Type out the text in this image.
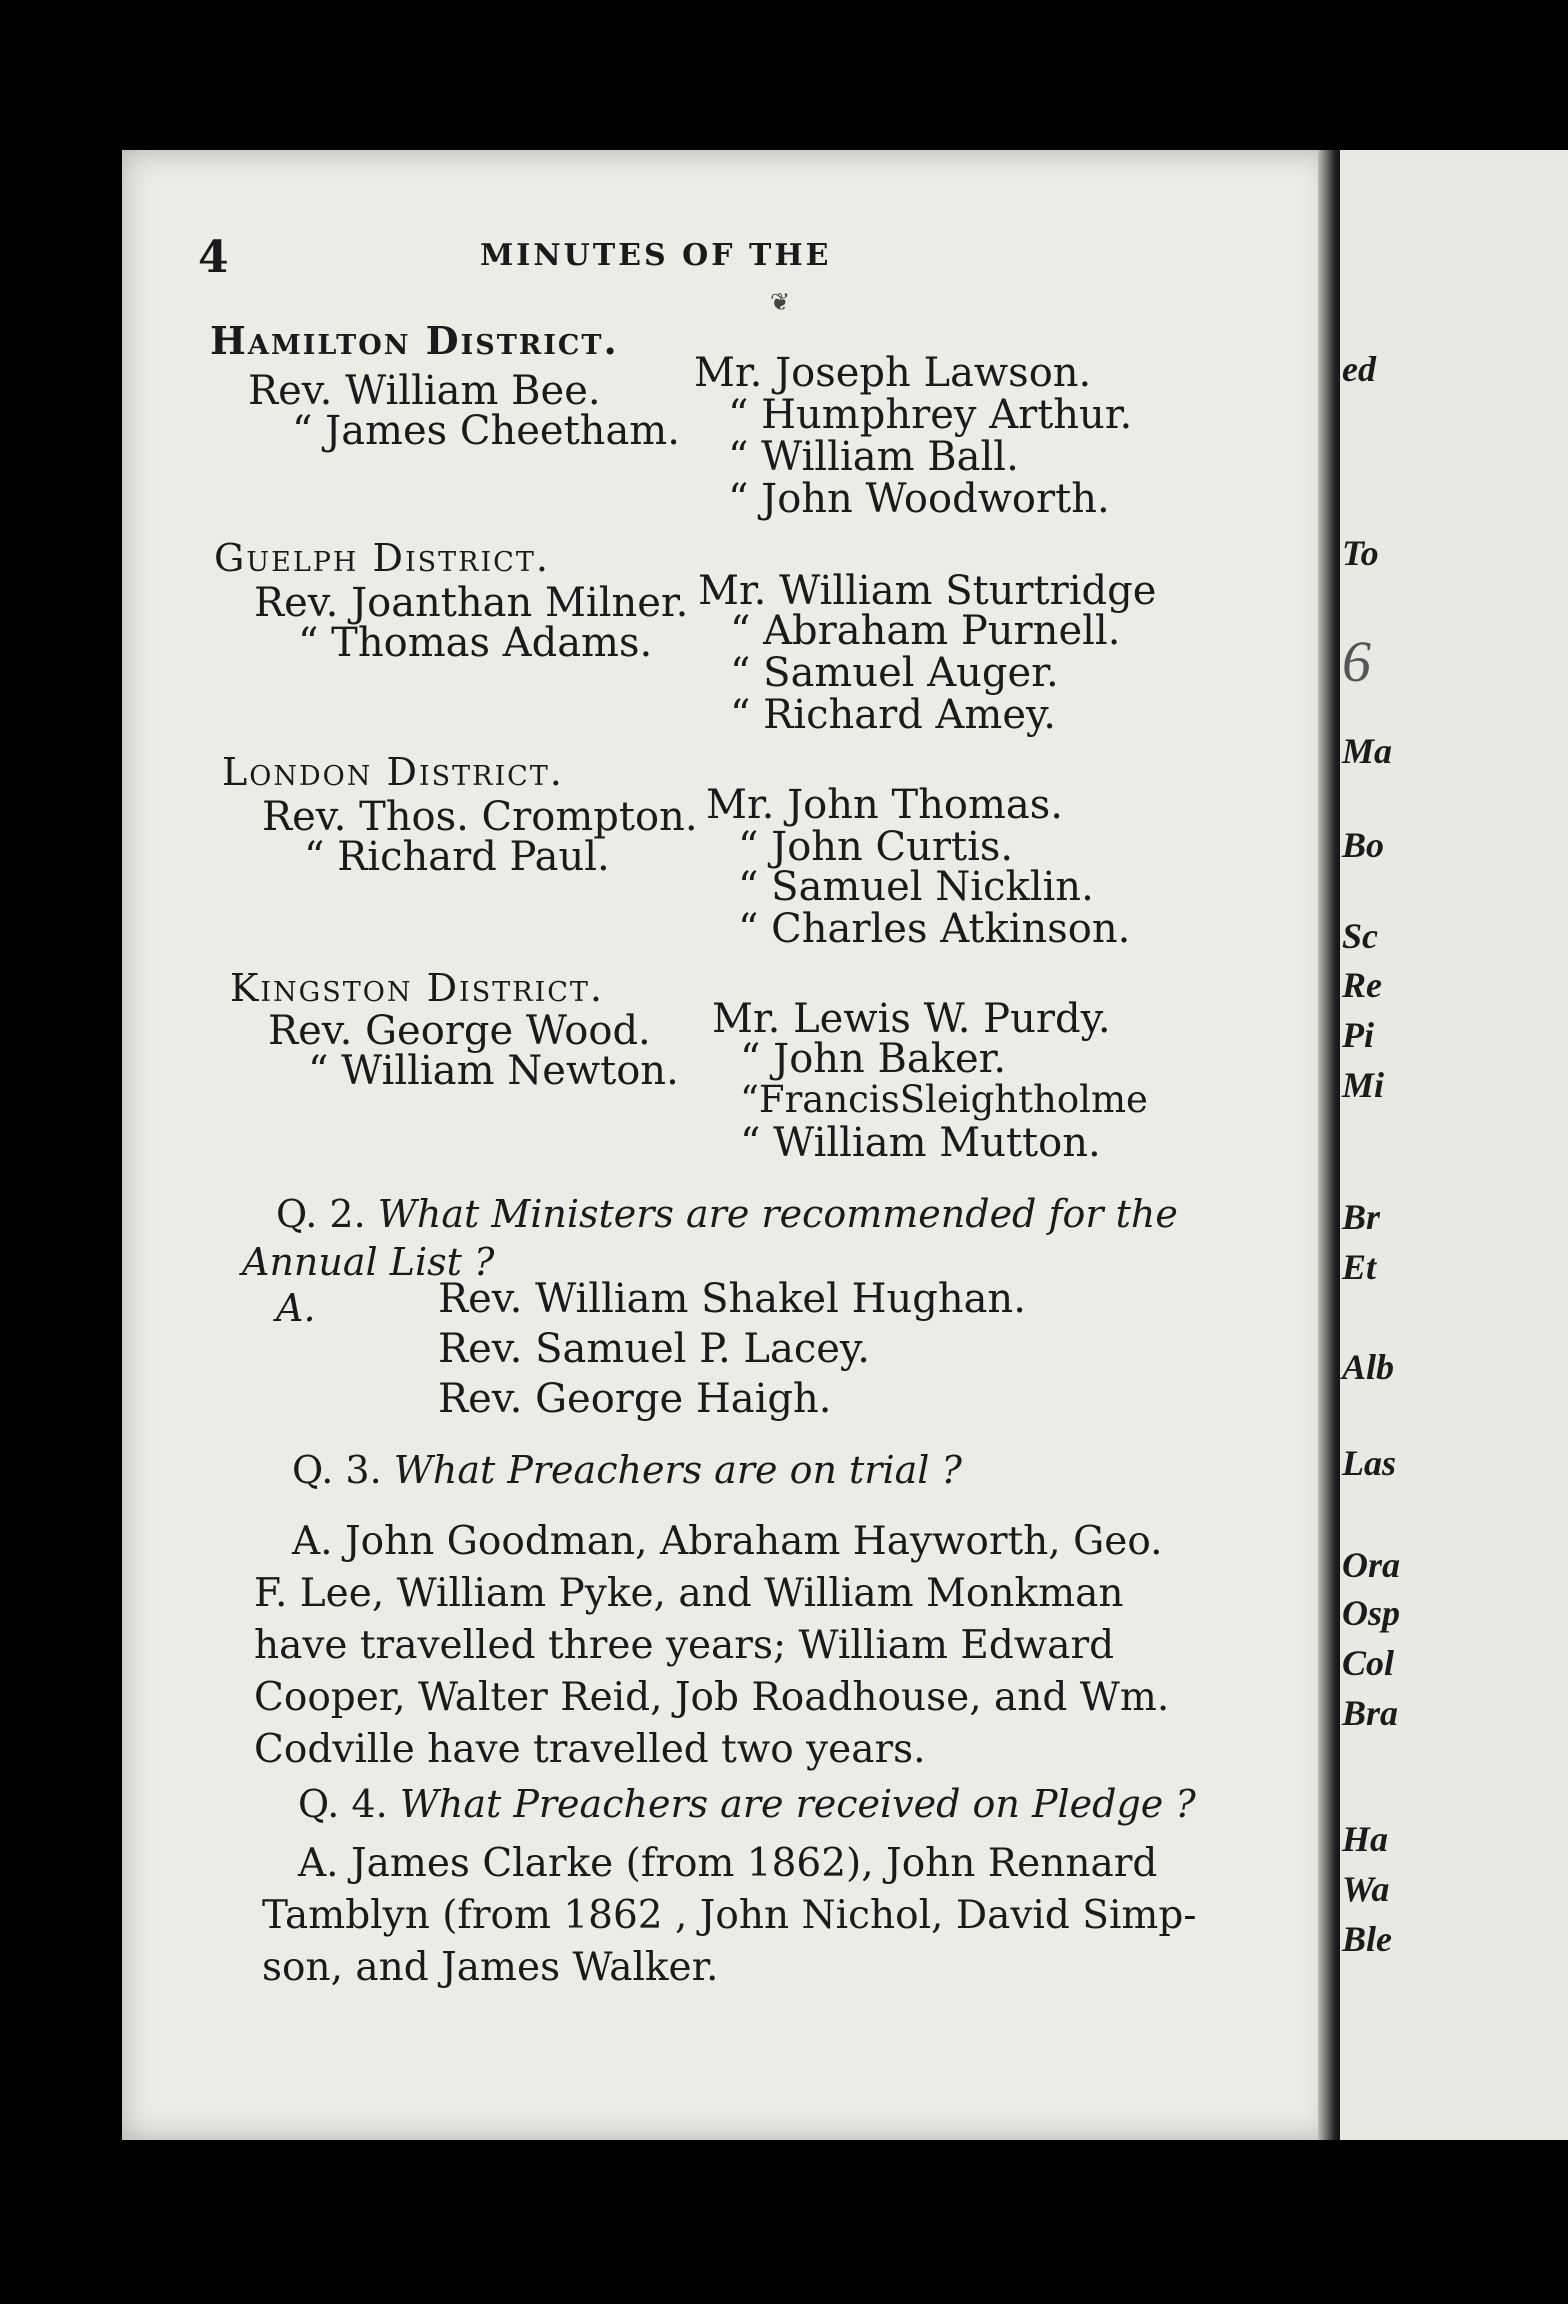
ed
To
6
Ma
Bo
Sc
Re
Pi
Mi
Br
Et
Alb
Las
Ora
Osp
Col
Bra
Ha
Wa
Ble
4	MINUTES OF THE
❦
Hamilton District.
Rev. William Bee.
“ James Cheetham.
Mr. Joseph Lawson.
“ Humphrey Arthur.
“ William Ball.
“ John Woodworth.
Guelph District.
Rev. Joanthan Milner.
“ Thomas Adams.
Mr. William Sturtridge
“ Abraham Purnell.
“ Samuel Auger.
“ Richard Amey.
London District.
Rev. Thos. Crompton.
“ Richard Paul.
Mr. John Thomas.
“ John Curtis.
“ Samuel Nicklin.
“ Charles Atkinson.
Kingston District.
Rev. George Wood.
“ William Newton.
Mr. Lewis W. Purdy.
“ John Baker.
“FrancisSleightholme
“ William Mutton.
Q. 2. What Ministers are recommended for the
Annual List ?
A.	Rev. William Shakel Hughan.
Rev. Samuel P. Lacey.
Rev. George Haigh.
Q. 3. What Preachers are on trial ?
A. John Goodman, Abraham Hayworth, Geo.
F. Lee, William Pyke, and William Monkman
have travelled three years; William Edward
Cooper, Walter Reid, Job Roadhouse, and Wm.
Codville have travelled two years.
Q. 4. What Preachers are received on Pledge ?
A. James Clarke (from 1862), John Rennard
Tamblyn (from 1862 , John Nichol, David Simp-
son, and James Walker.
